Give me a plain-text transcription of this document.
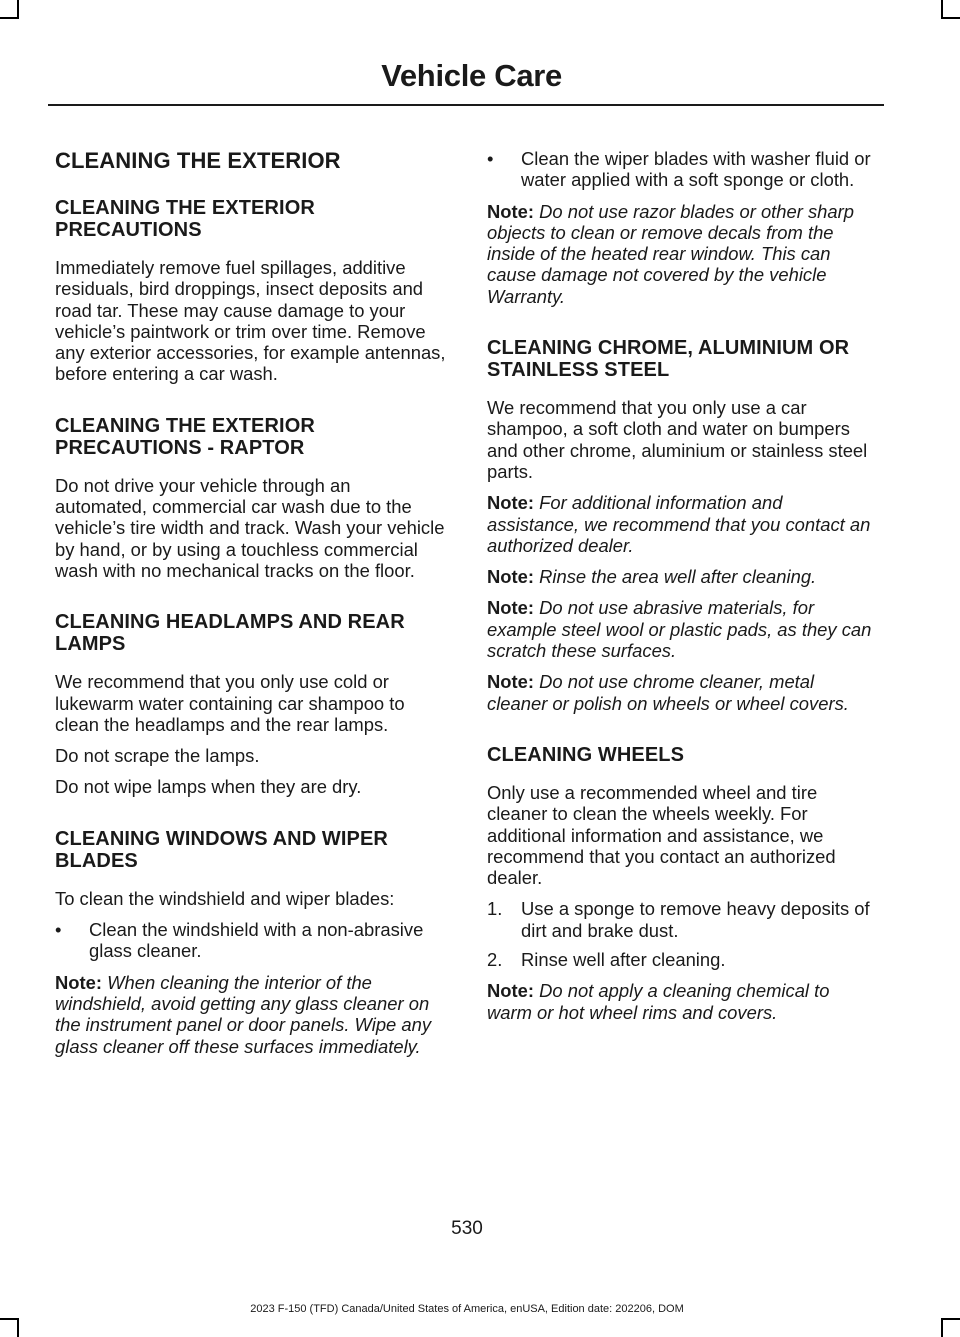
Vehicle Care
CLEANING THE EXTERIOR
CLEANING THE EXTERIOR PRECAUTIONS

Immediately remove fuel spillages, additive residuals, bird droppings, insect deposits and road tar. These may cause damage to your vehicle’s paintwork or trim over time. Remove any exterior accessories, for example antennas, before entering a car wash.

CLEANING THE EXTERIOR PRECAUTIONS - RAPTOR

Do not drive your vehicle through an automated, commercial car wash due to the vehicle’s tire width and track. Wash your vehicle by hand, or by using a touchless commercial wash with no mechanical tracks on the floor.

CLEANING HEADLAMPS AND REAR LAMPS

We recommend that you only use cold or lukewarm water containing car shampoo to clean the headlamps and the rear lamps.

Do not scrape the lamps.

Do not wipe lamps when they are dry.

CLEANING WINDOWS AND WIPER BLADES

To clean the windshield and wiper blades:

• Clean the windshield with a non-abrasive glass cleaner.

Note: When cleaning the interior of the windshield, avoid getting any glass cleaner on the instrument panel or door panels. Wipe any glass cleaner off these surfaces immediately.

• Clean the wiper blades with washer fluid or water applied with a soft sponge or cloth.

Note: Do not use razor blades or other sharp objects to clean or remove decals from the inside of the heated rear window. This can cause damage not covered by the vehicle Warranty.

CLEANING CHROME, ALUMINIUM OR STAINLESS STEEL

We recommend that you only use a car shampoo, a soft cloth and water on bumpers and other chrome, aluminium or stainless steel parts.

Note: For additional information and assistance, we recommend that you contact an authorized dealer.

Note: Rinse the area well after cleaning.

Note: Do not use abrasive materials, for example steel wool or plastic pads, as they can scratch these surfaces.

Note: Do not use chrome cleaner, metal cleaner or polish on wheels or wheel covers.

CLEANING WHEELS

Only use a recommended wheel and tire cleaner to clean the wheels weekly. For additional information and assistance, we recommend that you contact an authorized dealer.

1. Use a sponge to remove heavy deposits of dirt and brake dust.
2. Rinse well after cleaning.

Note: Do not apply a cleaning chemical to warm or hot wheel rims and covers.

530
2023 F-150 (TFD) Canada/United States of America, enUSA, Edition date: 202206, DOM
